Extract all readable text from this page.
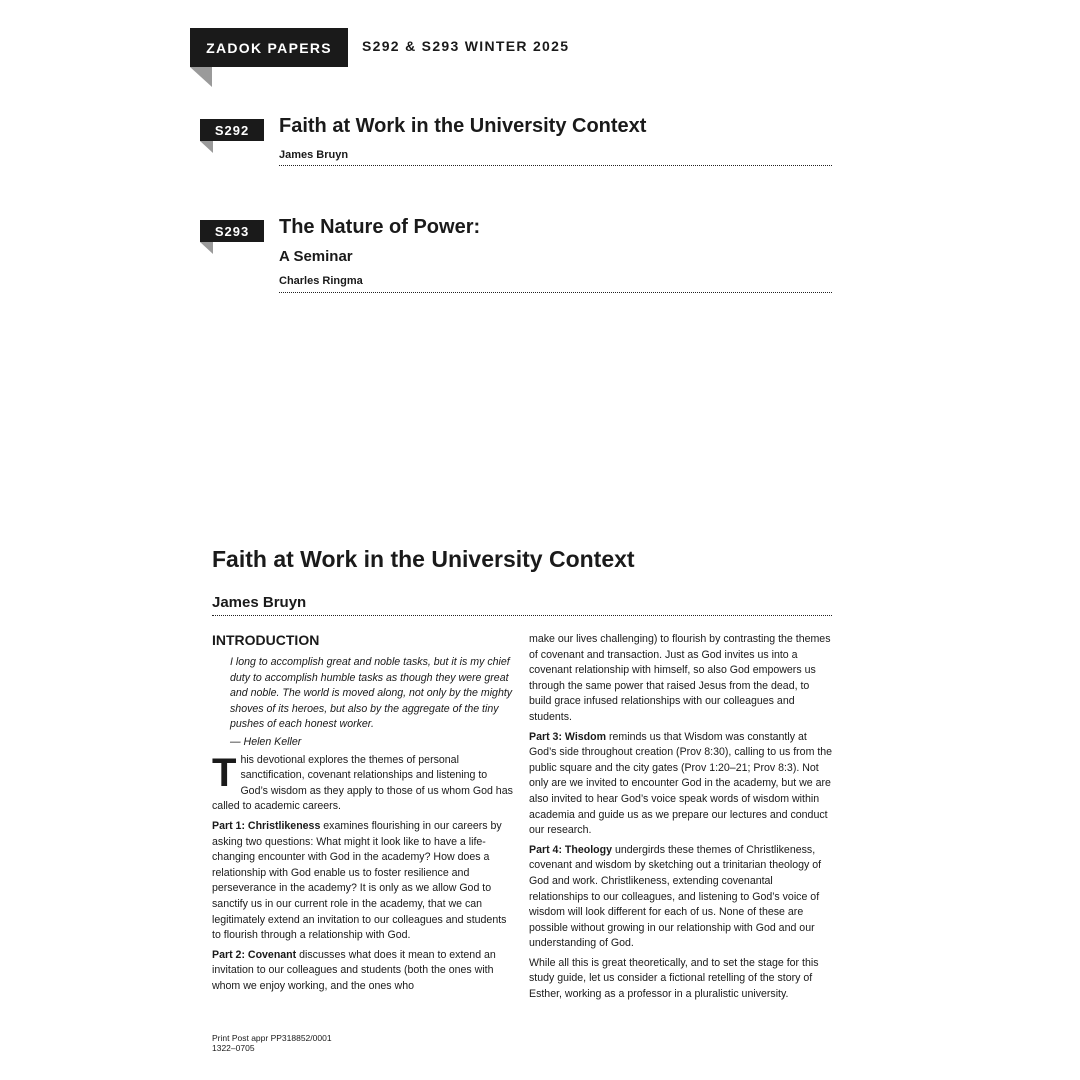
ZADOK PAPERS S292 & S293 WINTER 2025
S292 Faith at Work in the University Context
James Bruyn
S293 The Nature of Power:
A Seminar
Charles Ringma
Faith at Work in the University Context
James Bruyn
INTRODUCTION
I long to accomplish great and noble tasks, but it is my chief duty to accomplish humble tasks as though they were great and noble. The world is moved along, not only by the mighty shoves of its heroes, but also by the aggregate of the tiny pushes of each honest worker.
— Helen Keller

This devotional explores the themes of personal sanctification, covenant relationships and listening to God’s wisdom as they apply to those of us whom God has called to academic careers.

Part 1: Christlikeness examines flourishing in our careers by asking two questions: What might it look like to have a life-changing encounter with God in the academy? How does a relationship with God enable us to foster resilience and perseverance in the academy? It is only as we allow God to sanctify us in our current role in the academy, that we can legitimately extend an invitation to our colleagues and students to flourish through a relationship with God.

Part 2: Covenant discusses what does it mean to extend an invitation to our colleagues and students (both the ones with whom we enjoy working, and the ones who

make our lives challenging) to flourish by contrasting the themes of covenant and transaction. Just as God invites us into a covenant relationship with himself, so also God empowers us through the same power that raised Jesus from the dead, to build grace infused relationships with our colleagues and students.

Part 3: Wisdom reminds us that Wisdom was constantly at God’s side throughout creation (Prov 8:30), calling to us from the public square and the city gates (Prov 1:20–21; Prov 8:3). Not only are we invited to encounter God in the academy, but we are also invited to hear God’s voice speak words of wisdom within academia and guide us as we prepare our lectures and conduct our research.

Part 4: Theology undergirds these themes of Christlikeness, covenant and wisdom by sketching out a trinitarian theology of God and work. Christlikeness, extending covenantal relationships to our colleagues, and listening to God’s voice of wisdom will look different for each of us. None of these are possible without growing in our relationship with God and our understanding of God.

While all this is great theoretically, and to set the stage for this study guide, let us consider a fictional retelling of the story of Esther, working as a professor in a pluralistic university.

Print Post appr PP318852/0001
1322–0705
